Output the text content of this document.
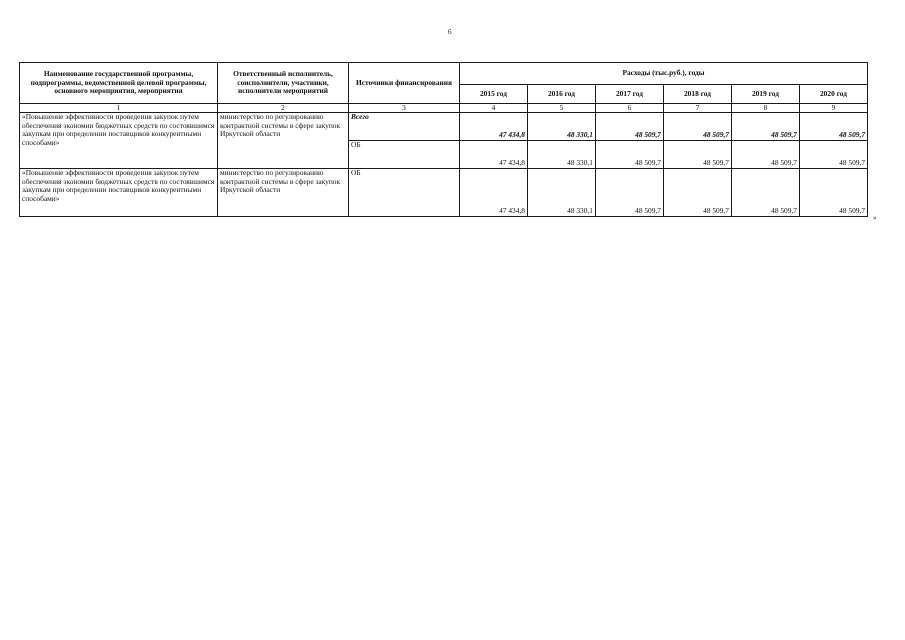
6
Наименование государственной программы, подпрограммы, ведомственной целевой программы, основного мероприятия, мероприятия	Ответственный исполнитель, соисполнители, участники, исполнители мероприятий	Источники финансирования	Расходы (тыс.руб.), годы					
			2015 год	2016 год	2017 год	2018 год	2019 год	2020 год
1	2	3	4	5	6	7	8	9
«Повышение эффективности проведения закупок путем обеспечения экономии бюджетных средств по состоявшимся закупкам при определении поставщиков конкурентными способами»	министерство по регулированию контрактной системы в сфере закупок Иркутской области	Всего	47 434,8	48 330,1	48 509,7	48 509,7	48 509,7	48 509,7
		ОБ	47 434,8	48 330,1	48 509,7	48 509,7	48 509,7	48 509,7
«Повышение эффективности проведения закупок путем обеспечения экономии бюджетных средств по состоявшимся закупкам при определении поставщиков конкурентными способами»	министерство по регулированию контрактной системы в сфере закупок Иркутской области	ОБ	47 434,8	48 330,1	48 509,7	48 509,7	48 509,7	48 509,7
»
